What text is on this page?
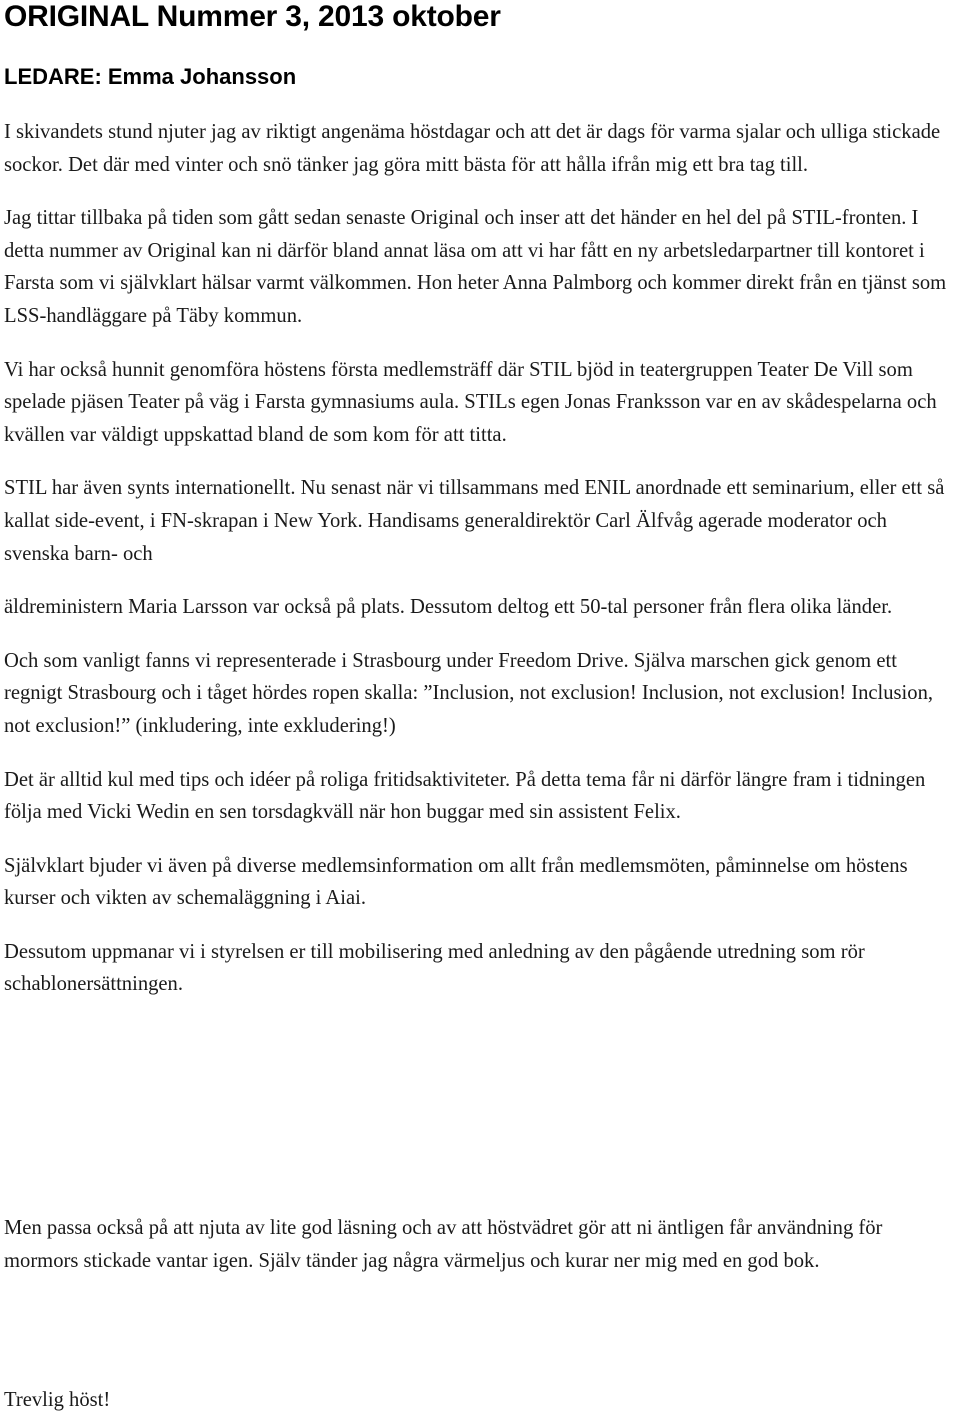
ORIGINAL Nummer 3, 2013 oktober
LEDARE: Emma Johansson

I skivandets stund njuter jag av riktigt angenäma höstdagar och att det är dags för varma sjalar och ulliga stickade sockor. Det där med vinter och snö tänker jag göra mitt bästa för att hålla ifrån mig ett bra tag till.

Jag tittar tillbaka på tiden som gått sedan senaste Original och inser att det händer en hel del på STIL-fronten. I detta nummer av Original kan ni därför bland annat läsa om att vi har fått en ny arbetsledarpartner till kontoret i Farsta som vi självklart hälsar varmt välkommen. Hon heter Anna Palmborg och kommer direkt från en tjänst som LSS-handläggare på Täby kommun.

Vi har också hunnit genomföra höstens första medlemsträff där STIL bjöd in teatergruppen Teater De Vill som spelade pjäsen Teater på väg i Farsta gymnasiums aula. STILs egen Jonas Franksson var en av skådespelarna och kvällen var väldigt uppskattad bland de som kom för att titta.

STIL har även synts internationellt. Nu senast när vi tillsammans med ENIL anordnade ett seminarium, eller ett så kallat side-event, i FN-skrapan i New York. Handisams generaldirektör Carl Älfvåg agerade moderator och svenska barn- och

äldreministern Maria Larsson var också på plats. Dessutom deltog ett 50-tal personer från flera olika länder.

Och som vanligt fanns vi representerade i Strasbourg under Freedom Drive. Själva marschen gick genom ett regnigt Strasbourg och i tåget hördes ropen skalla: ”Inclusion, not exclusion! Inclusion, not exclusion! Inclusion, not exclusion!” (inkludering, inte exkludering!)

Det är alltid kul med tips och idéer på roliga fritidsaktiviteter. På detta tema får ni därför längre fram i tidningen följa med Vicki Wedin en sen torsdagkväll när hon buggar med sin assistent Felix.

Självklart bjuder vi även på diverse medlemsinformation om allt från medlemsmöten, påminnelse om höstens kurser och vikten av schemaläggning i Aiai.

Dessutom uppmanar vi i styrelsen er till mobilisering med anledning av den pågående utredning som rör schablonersättningen.

Men passa också på att njuta av lite god läsning och av att höstvädret gör att ni äntligen får användning för mormors stickade vantar igen. Själv tänder jag några värmeljus och kurar ner mig med en god bok.

Trevlig höst!
